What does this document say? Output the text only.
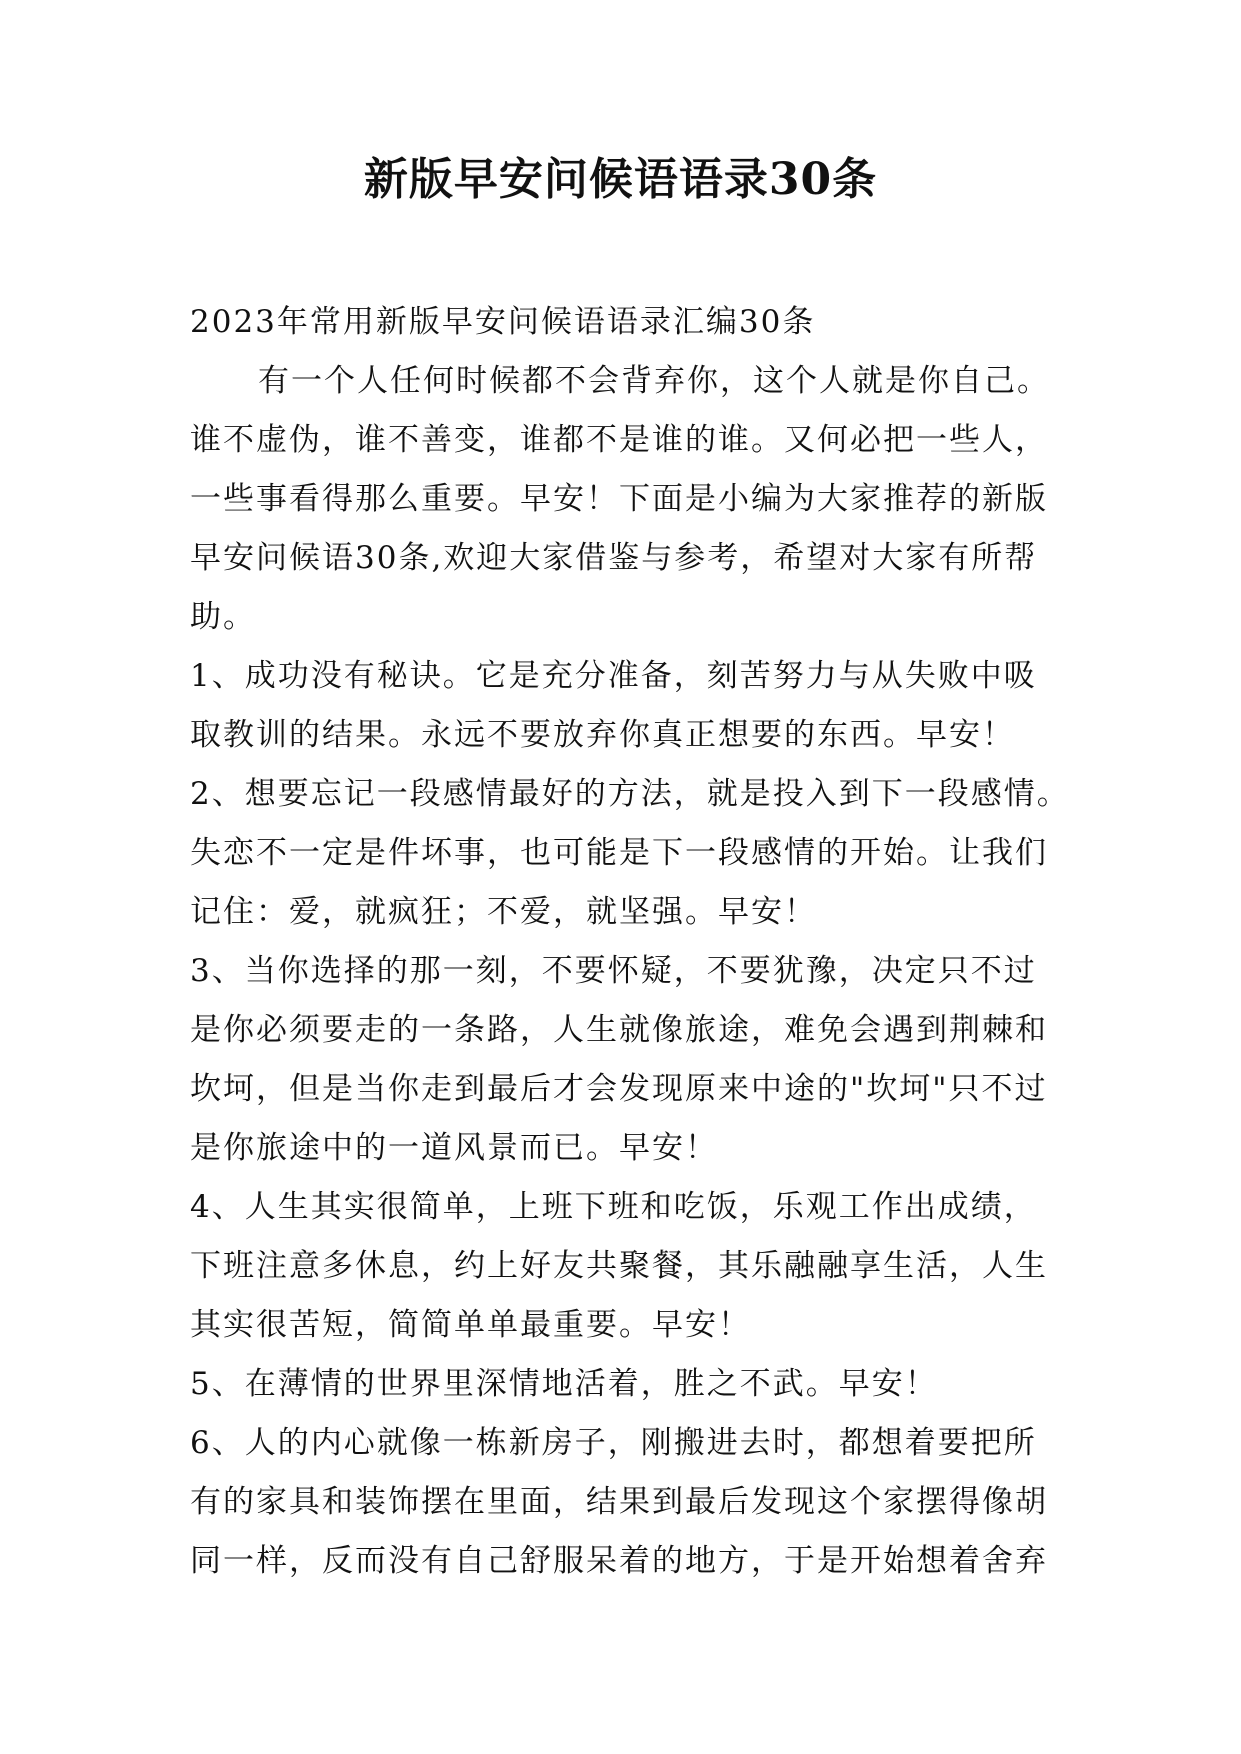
新版早安问候语语录30条
2023年常用新版早安问候语语录汇编30条
有一个人任何时候都不会背弃你，这个人就是你自己。
谁不虚伪，谁不善变，谁都不是谁的谁。又何必把一些人，
一些事看得那么重要。早安！下面是小编为大家推荐的新版
早安问候语30条,欢迎大家借鉴与参考，希望对大家有所帮
助。
1、成功没有秘诀。它是充分准备，刻苦努力与从失败中吸
取教训的结果。永远不要放弃你真正想要的东西。早安！
2、想要忘记一段感情最好的方法，就是投入到下一段感情。
失恋不一定是件坏事，也可能是下一段感情的开始。让我们
记住：爱，就疯狂；不爱，就坚强。早安！
3、当你选择的那一刻，不要怀疑，不要犹豫，决定只不过
是你必须要走的一条路，人生就像旅途，难免会遇到荆棘和
坎坷，但是当你走到最后才会发现原来中途的"坎坷"只不过
是你旅途中的一道风景而已。早安！
4、人生其实很简单，上班下班和吃饭，乐观工作出成绩，
下班注意多休息，约上好友共聚餐，其乐融融享生活，人生
其实很苦短，简简单单最重要。早安！
5、在薄情的世界里深情地活着，胜之不武。早安！
6、人的内心就像一栋新房子，刚搬进去时，都想着要把所
有的家具和装饰摆在里面，结果到最后发现这个家摆得像胡
同一样，反而没有自己舒服呆着的地方，于是开始想着舍弃
